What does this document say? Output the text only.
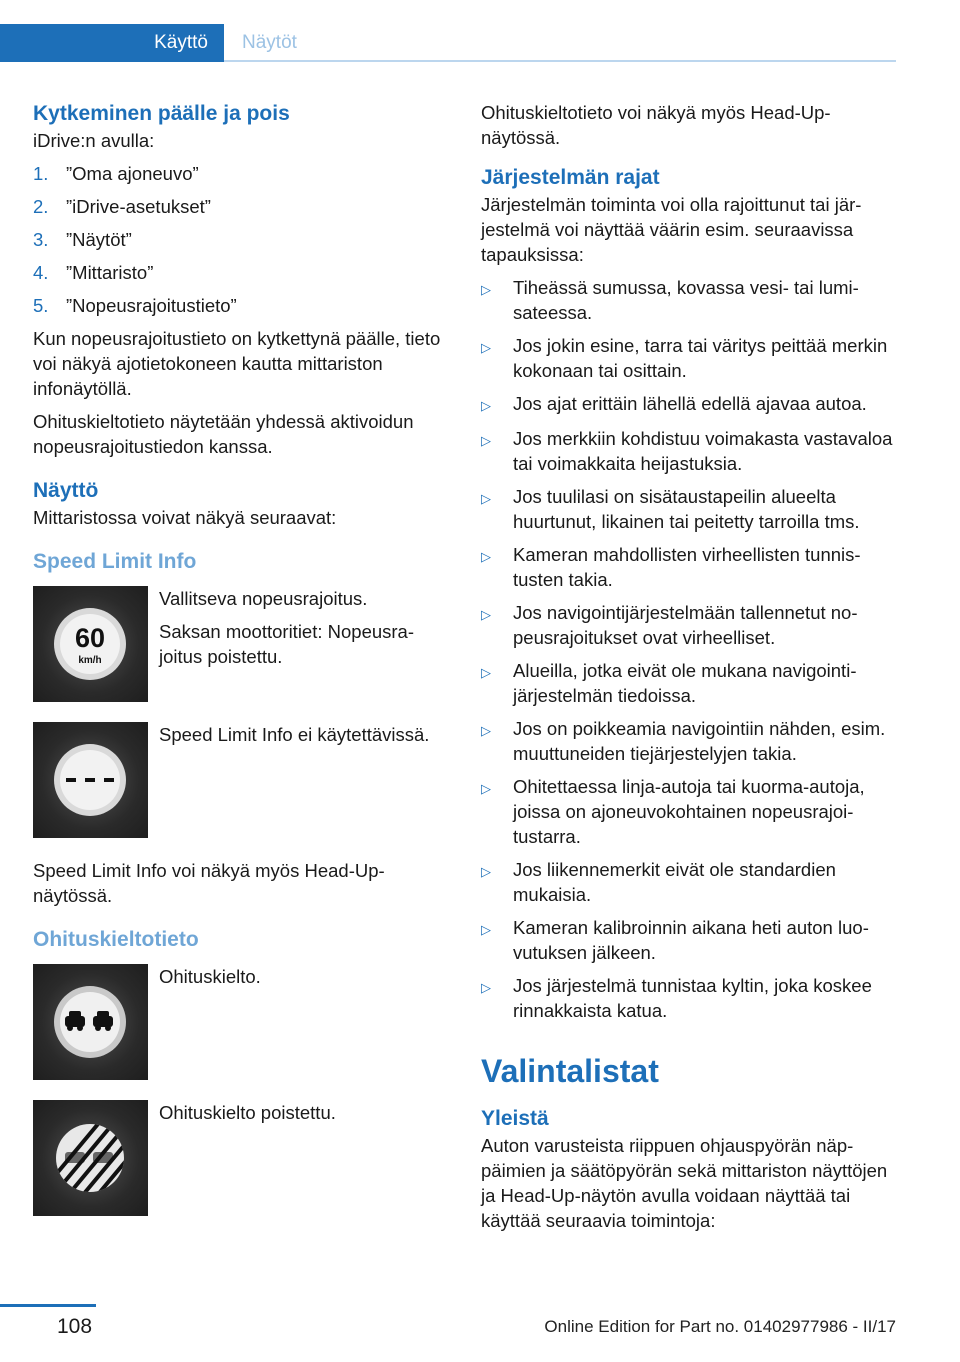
Käyttö	Näytöt
Kytkeminen päälle ja pois

iDrive:n avulla:

1. ”Oma ajoneuvo”
2. ”iDrive-asetukset”
3. ”Näytöt”
4. ”Mittaristo”
5. ”Nopeusrajoitustieto”

Kun nopeusrajoitustieto on kytkettynä päälle, tieto voi näkyä ajotietokoneen kautta mittariston infonäytöllä.

Ohituskieltotieto näytetään yhdessä aktivoidun nopeusrajoitustiedon kanssa.

Näyttö

Mittaristossa voivat näkyä seuraavat:

Speed Limit Info
60
km/h

Vallitseva nopeusrajoitus.

Saksan moottoritiet: Nopeusrajoitus poistettu.

Speed Limit Info ei käytettävissä.

Speed Limit Info voi näkyä myös Head-Up-näytössä.

Ohituskieltotieto

Ohituskielto.

Ohituskielto poistettu.

Ohituskieltotieto voi näkyä myös Head-Up-näytössä.

Järjestelmän rajat

Järjestelmän toiminta voi olla rajoittunut tai järjestelmä voi näyttää väärin esim. seuraavissa tapauksissa:

▷	Tiheässä sumussa, kovassa vesi- tai lumisateessa.
▷	Jos jokin esine, tarra tai väritys peittää merkin kokonaan tai osittain.
▷	Jos ajat erittäin lähellä edellä ajavaa autoa.
▷	Jos merkkiin kohdistuu voimakasta vastavaloa tai voimakkaita heijastuksia.
▷	Jos tuulilasi on sisätaustapeilin alueelta huurtunut, likainen tai peitetty tarroilla tms.
▷	Kameran mahdollisten virheellisten tunnistusten takia.
▷	Jos navigointijärjestelmään tallennetut nopeusrajoitukset ovat virheelliset.
▷	Alueilla, jotka eivät ole mukana navigointijärjestelmän tiedoissa.
▷	Jos on poikkeamia navigointiin nähden, esim. muuttuneiden tiejärjestelyjen takia.
▷	Ohitettaessa linja-autoja tai kuorma-autoja, joissa on ajoneuvokohtainen nopeusrajoitustarra.
▷	Jos liikennemerkit eivät ole standardien mukaisia.
▷	Kameran kalibroinnin aikana heti auton luovutuksen jälkeen.
▷	Jos järjestelmä tunnistaa kyltin, joka koskee rinnakkaista katua.
Valintalistat
Yleistä

Auton varusteista riippuen ohjauspyörän näppäimien ja säätöpyörän sekä mittariston näyttöjen ja Head-Up-näytön avulla voidaan näyttää tai käyttää seuraavia toimintoja:

108	Online Edition for Part no. 01402977986 - II/17
